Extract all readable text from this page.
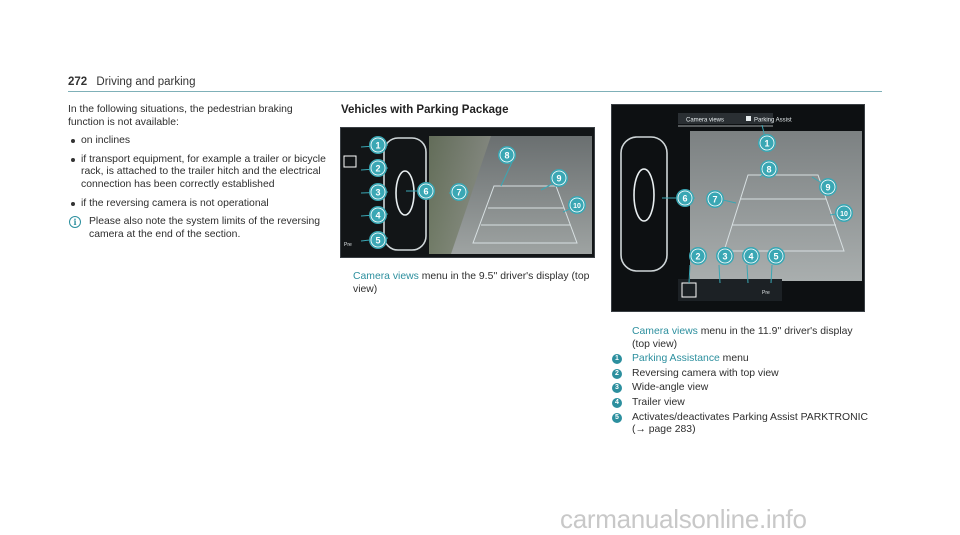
272 Driving and parking

In the following situations, the pedestrian braking function is not available:

on inclines
if transport equipment, for example a trailer or bicycle rack, is attached to the trailer hitch and the electrical connection has been correctly established
if the reversing camera is not operational
i	Please also note the system limits of the reversing camera at the end of the section.

Vehicles with Parking Package

Pre
1
2
3
4
5
6	7
8
9
10
Camera views menu in the 9.5'' driver's display (top view)
Camera views	Parking Assist
Pre
1
8
9
10
6	7
2 3 4 5
Camera views menu in the 11.9'' driver's display (top view)
1 Parking Assistance menu
2 Reversing camera with top view
3 Wide-angle view
4 Trailer view
5 Activates/deactivates Parking Assist PARKTRONIC (→ page 283)
carmanualsonline.info
